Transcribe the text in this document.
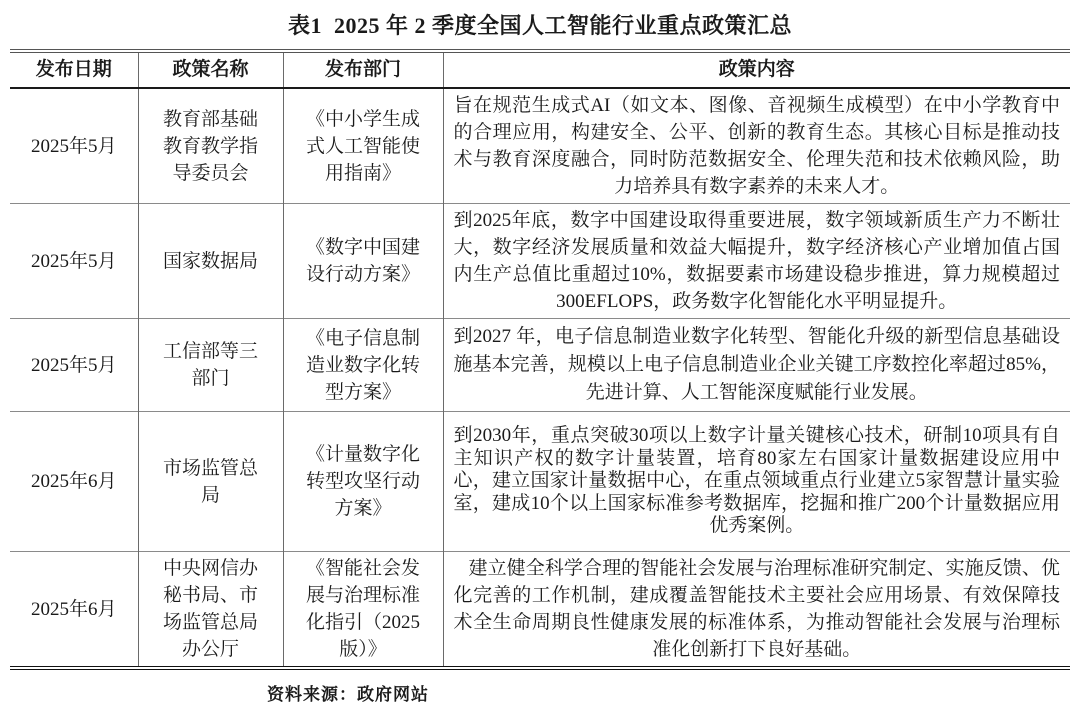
表1  2025 年 2 季度全国人工智能行业重点政策汇总
发布日期	政策名称	发布部门	政策内容
2025年5月	教育部基础教育教学指导委员会	《中小学生成式人工智能使用指南》	旨在规范生成式AI（如文本、图像、音视频生成模型）在中小学教育中的合理应用，构建安全、公平、创新的教育生态。其核心目标是推动技术与教育深度融合，同时防范数据安全、伦理失范和技术依赖风险，助力培养具有数字素养的未来人才。
2025年5月	国家数据局	《数字中国建设行动方案》	到2025年底，数字中国建设取得重要进展，数字领域新质生产力不断壮大，数字经济发展质量和效益大幅提升，数字经济核心产业增加值占国内生产总值比重超过10%，数据要素市场建设稳步推进，算力规模超过300EFLOPS，政务数字化智能化水平明显提升。
2025年5月	工信部等三部门	《电子信息制造业数字化转型方案》	到2027 年，电子信息制造业数字化转型、智能化升级的新型信息基础设施基本完善，规模以上电子信息制造业企业关键工序数控化率超过85%，先进计算、人工智能深度赋能行业发展。
2025年6月	市场监管总局	《计量数字化转型攻坚行动方案》	到2030年，重点突破30项以上数字计量关键核心技术，研制10项具有自主知识产权的数字计量装置，培育80家左右国家计量数据建设应用中心，建立国家计量数据中心，在重点领域重点行业建立5家智慧计量实验室，建成10个以上国家标准参考数据库，挖掘和推广200个计量数据应用优秀案例。
2025年6月	中央网信办秘书局、市场监管总局办公厅	《智能社会发展与治理标准化指引（2025版）》	建立健全科学合理的智能社会发展与治理标准研究制定、实施反馈、优化完善的工作机制，建成覆盖智能技术主要社会应用场景、有效保障技术全生命周期良性健康发展的标准体系，为推动智能社会发展与治理标准化创新打下良好基础。
资料来源：政府网站
